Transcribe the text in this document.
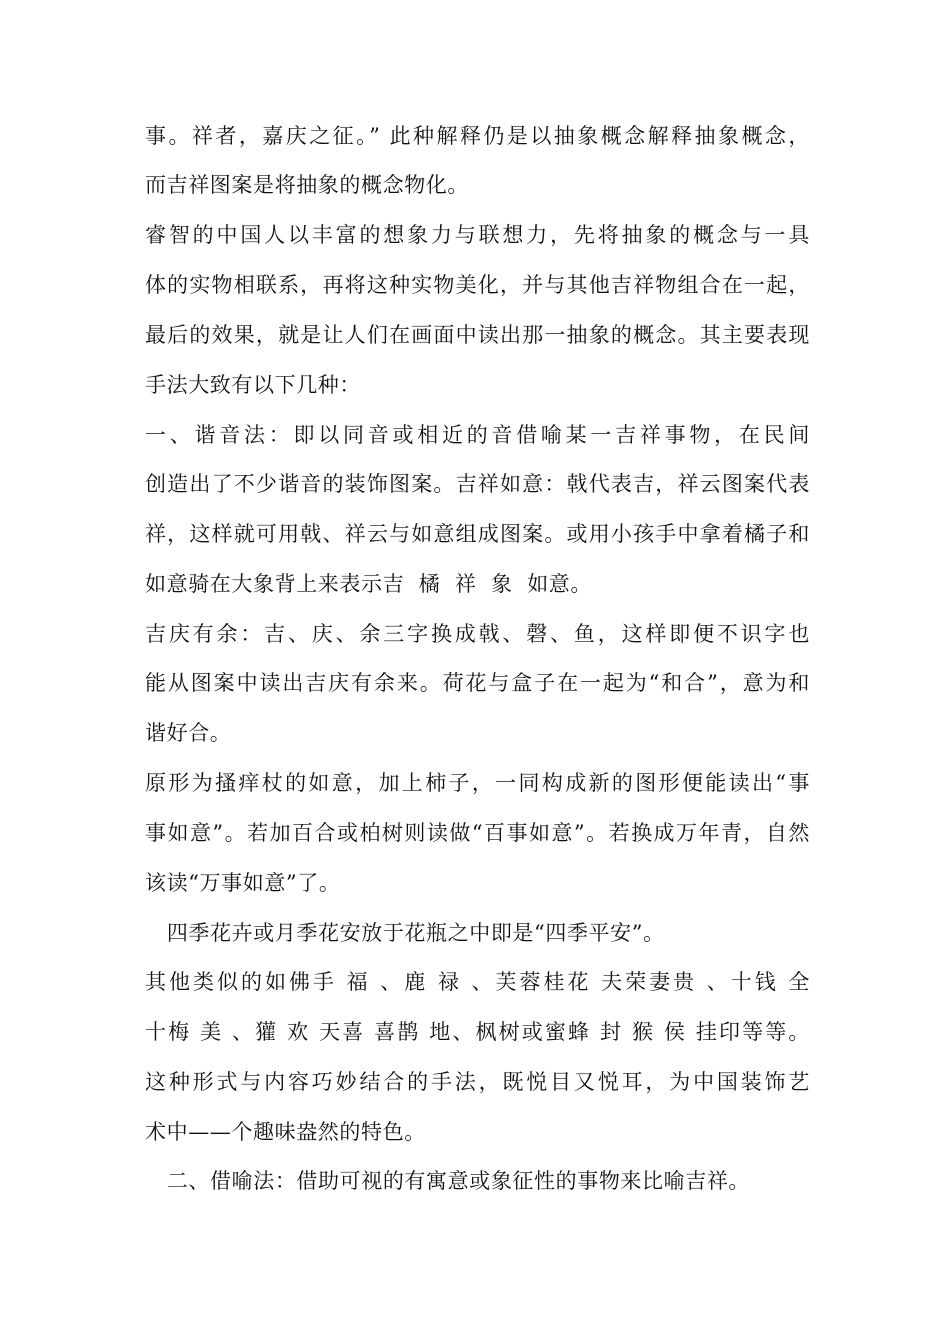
事。祥者，嘉庆之征。” 此种解释仍是以抽象概念解释抽象概念，
而吉祥图案是将抽象的概念物化。
睿智的中国人以丰富的想象力与联想力，先将抽象的概念与一具
体的实物相联系，再将这种实物美化，并与其他吉祥物组合在一起，
最后的效果，就是让人们在画面中读出那一抽象的概念。其主要表现
手法大致有以下几种：
一、谐音法：即以同音或相近的音借喻某一吉祥事物，在民间
创造出了不少谐音的装饰图案。吉祥如意：戟代表吉，祥云图案代表
祥，这样就可用戟、祥云与如意组成图案。或用小孩手中拿着橘子和
如意骑在大象背上来表示吉  橘  祥  象  如意。
吉庆有余：吉、庆、余三字换成戟、磬、鱼，这样即便不识字也
能从图案中读出吉庆有余来。荷花与盒子在一起为“和合”，意为和
谐好合。
原形为搔痒杖的如意，加上柿子，一同构成新的图形便能读出“事
事如意”。若加百合或柏树则读做“百事如意”。若换成万年青，自然
该读“万事如意”了。
四季花卉或月季花安放于花瓶之中即是“四季平安”。
其他类似的如佛手 福 、鹿 禄 、芙蓉桂花 夫荣妻贵 、十钱 全
十梅 美 、獾 欢 天喜 喜鹊 地、枫树或蜜蜂 封 猴 侯 挂印等等。
这种形式与内容巧妙结合的手法，既悦目又悦耳，为中国装饰艺
术中——个趣味盎然的特色。
二、借喻法：借助可视的有寓意或象征性的事物来比喻吉祥。
